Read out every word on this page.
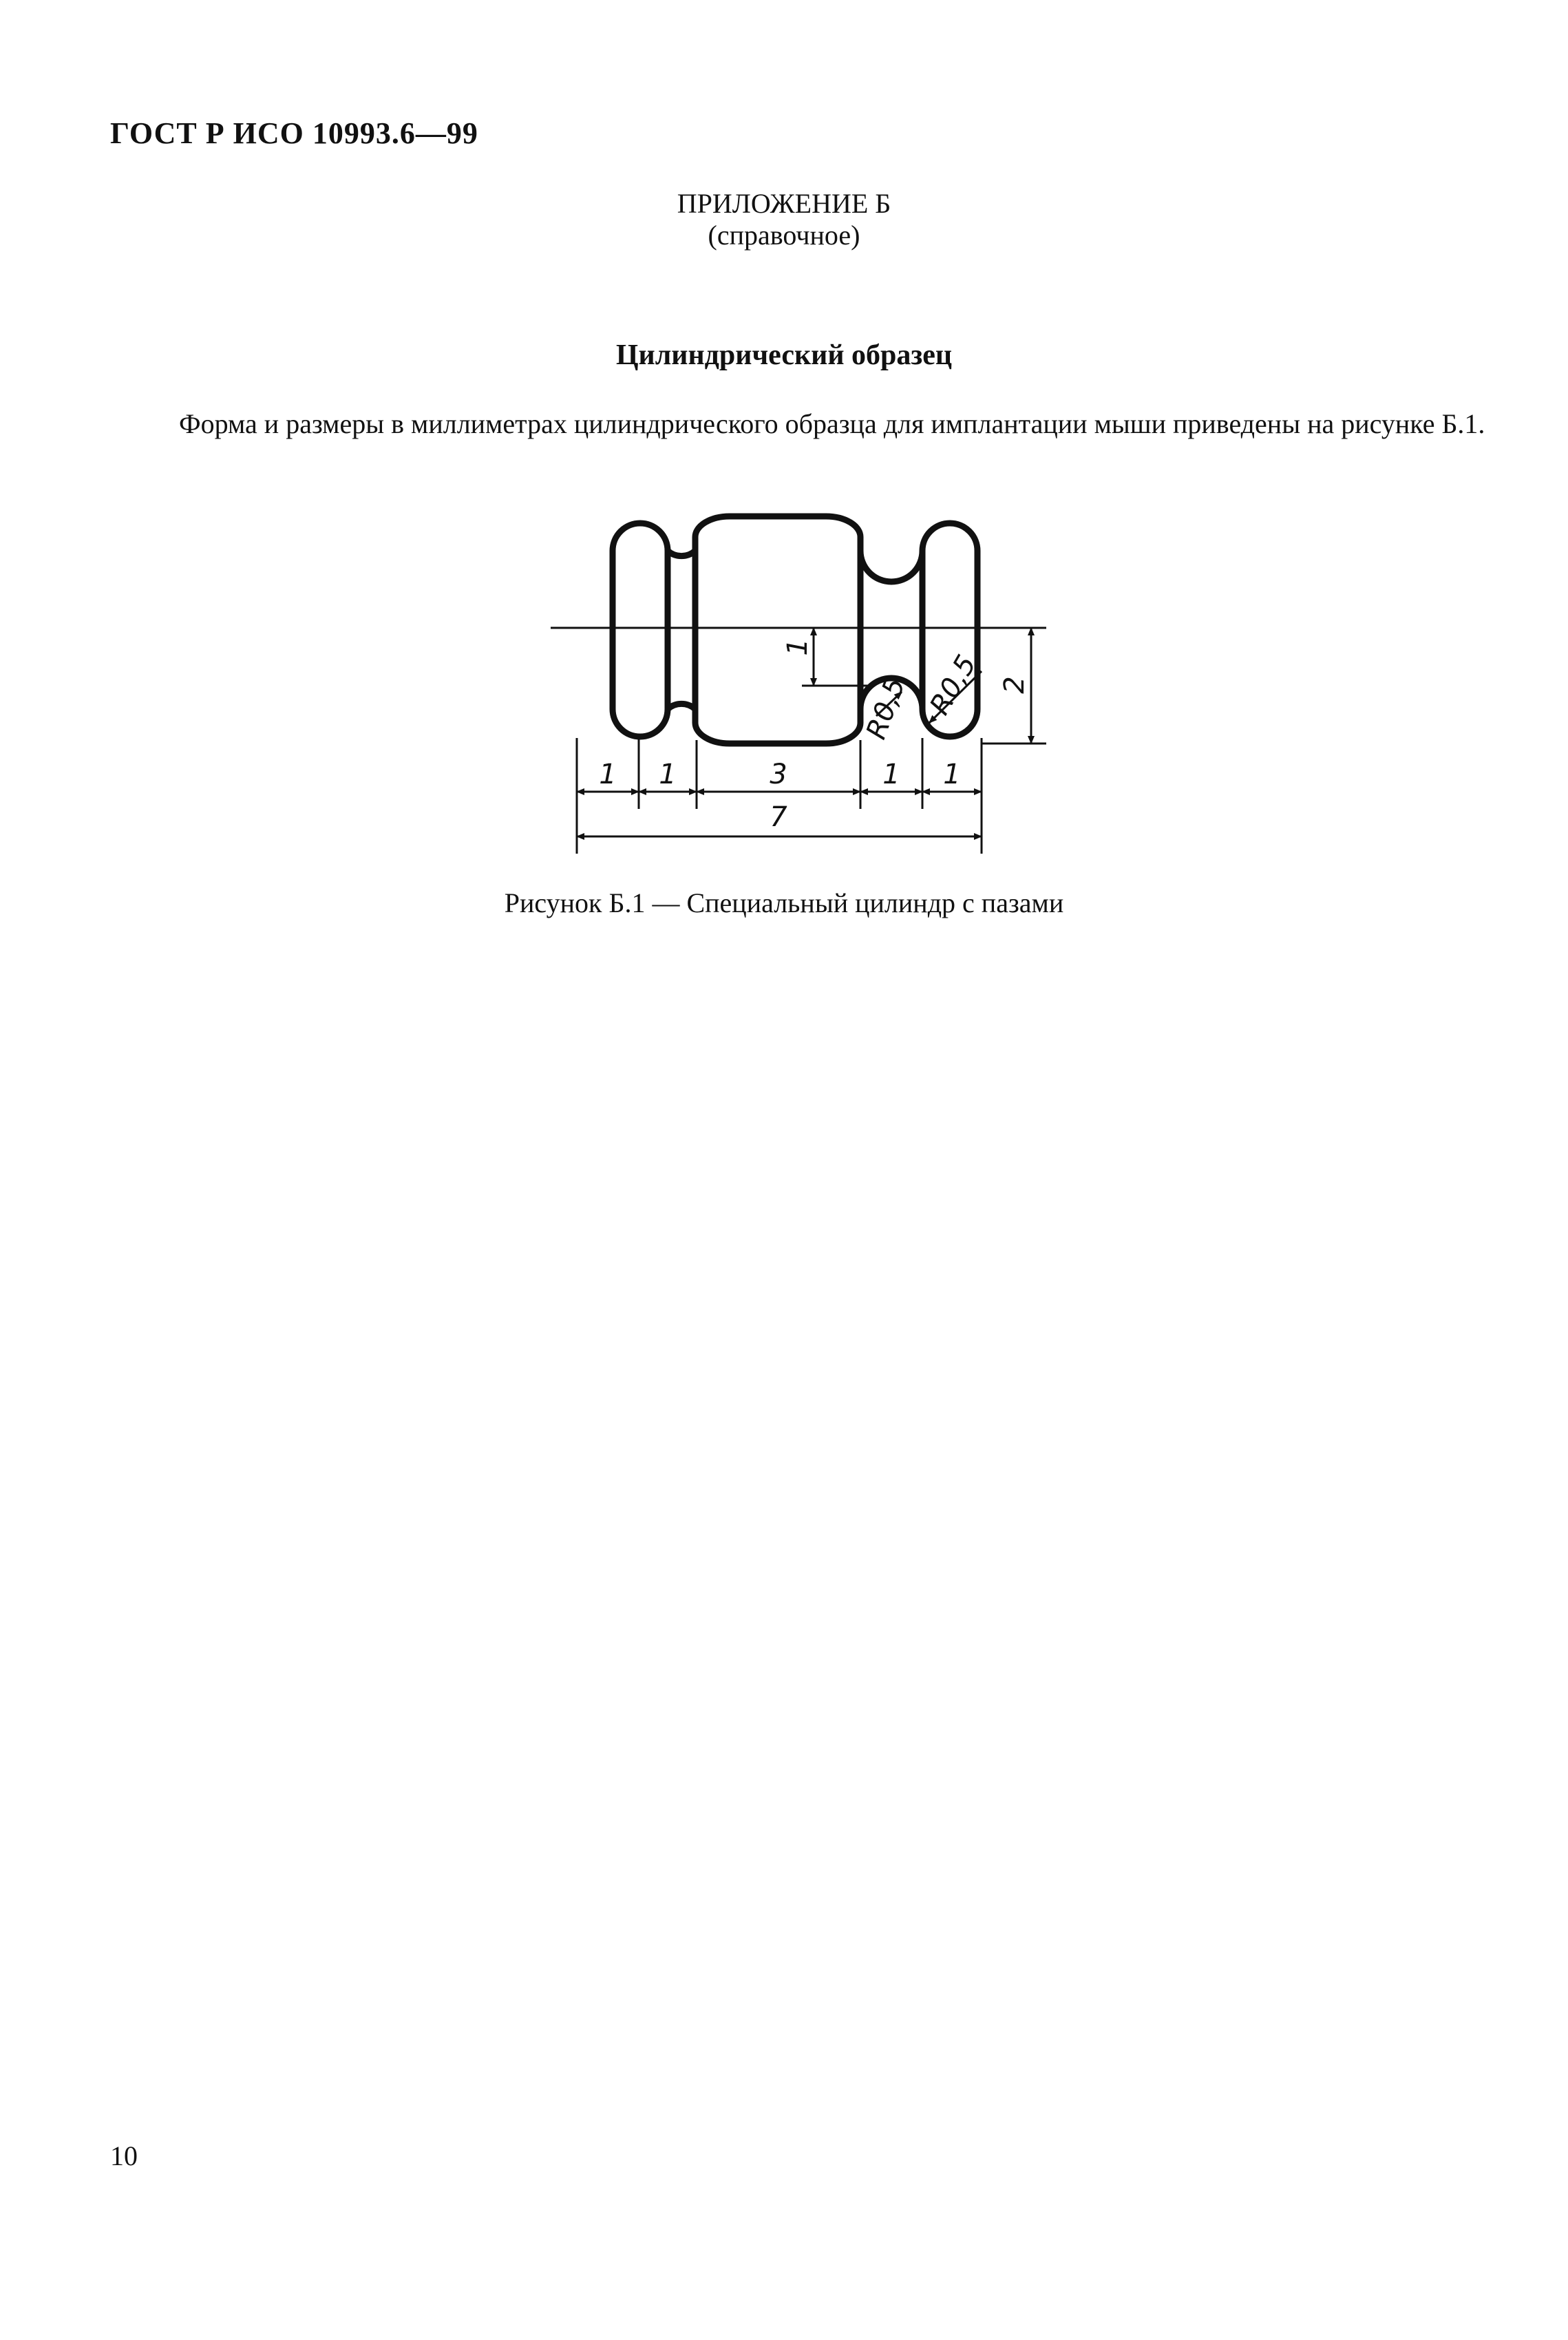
ГОСТ Р ИСО 10993.6—99
ПРИЛОЖЕНИЕ Б
(справочное)
Цилиндрический образец
Форма и размеры в миллиметрах цилиндрического образца для имплантации мыши приведены на рисунке Б.1.
1 1	3	1 1
7
1
R0,5 R0,5 2
Рисунок Б.1 — Специальный цилиндр с пазами
10
